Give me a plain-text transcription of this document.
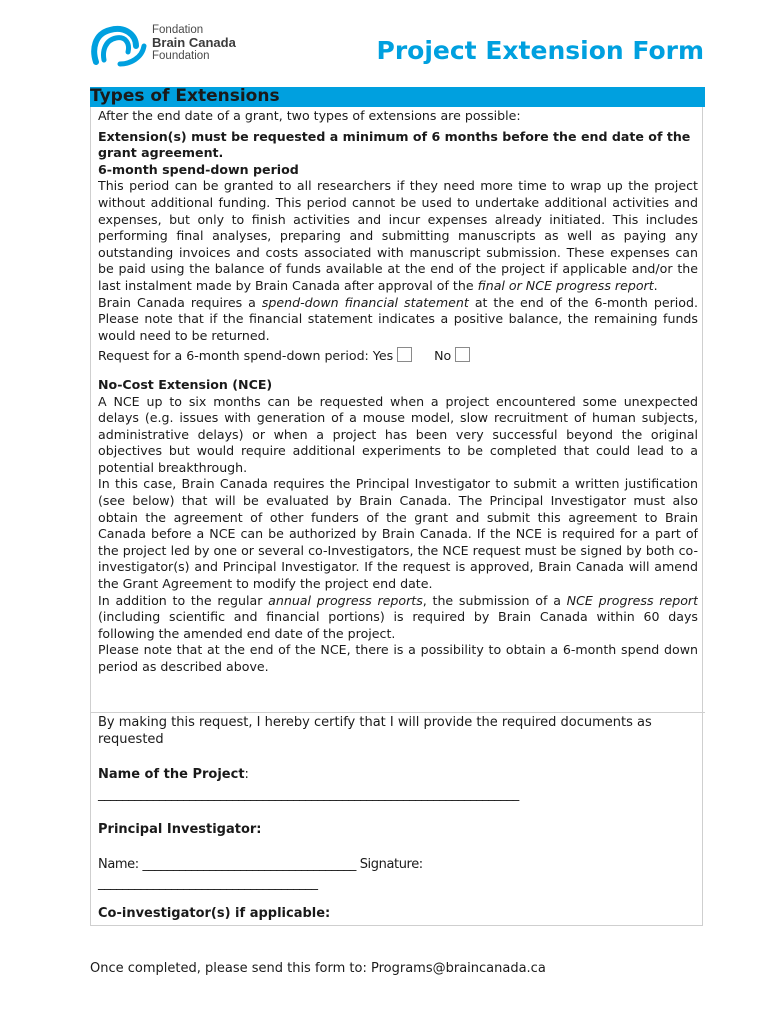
Fondation
Brain Canada
Foundation	Project Extension Form
Types of Extensions

After the end date of a grant, two types of extensions are possible:

Extension(s) must be requested a minimum of 6 months before the end date of the grant agreement.

6-month spend-down period

This period can be granted to all researchers if they need more time to wrap up the project without additional funding. This period cannot be used to undertake additional activities and expenses, but only to finish activities and incur expenses already initiated. This includes performing final analyses, preparing and submitting manuscripts as well as paying any outstanding invoices and costs associated with manuscript submission. These expenses can be paid using the balance of funds available at the end of the project if applicable and/or the last instalment made by Brain Canada after approval of the final or NCE progress report.

Brain Canada requires a spend-down financial statement at the end of the 6-month period. Please note that if the financial statement indicates a positive balance, the remaining funds would need to be returned.

Request for a 6-month spend-down period: Yes	No

No-Cost Extension (NCE)

A NCE up to six months can be requested when a project encountered some unexpected delays (e.g. issues with generation of a mouse model, slow recruitment of human subjects, administrative delays) or when a project has been very successful beyond the original objectives but would require additional experiments to be completed that could lead to a potential breakthrough.

In this case, Brain Canada requires the Principal Investigator to submit a written justification (see below) that will be evaluated by Brain Canada. The Principal Investigator must also obtain the agreement of other funders of the grant and submit this agreement to Brain Canada before a NCE can be authorized by Brain Canada. If the NCE is required for a part of the project led by one or several co-Investigators, the NCE request must be signed by both co-investigator(s) and Principal Investigator. If the request is approved, Brain Canada will amend the Grant Agreement to modify the project end date.

In addition to the regular annual progress reports, the submission of a NCE progress report (including scientific and financial portions) is required by Brain Canada within 60 days following the amended end date of the project.

Please note that at the end of the NCE, there is a possibility to obtain a 6-month spend down period as described above.

By making this request, I hereby certify that I will provide the required documents as requested

Name of the Project:
_____________________________________________________________________
Principal Investigator:
Name: ___________________________________ Signature:
____________________________________
Co-investigator(s) if applicable:
Once completed, please send this form to: Programs@braincanada.ca
